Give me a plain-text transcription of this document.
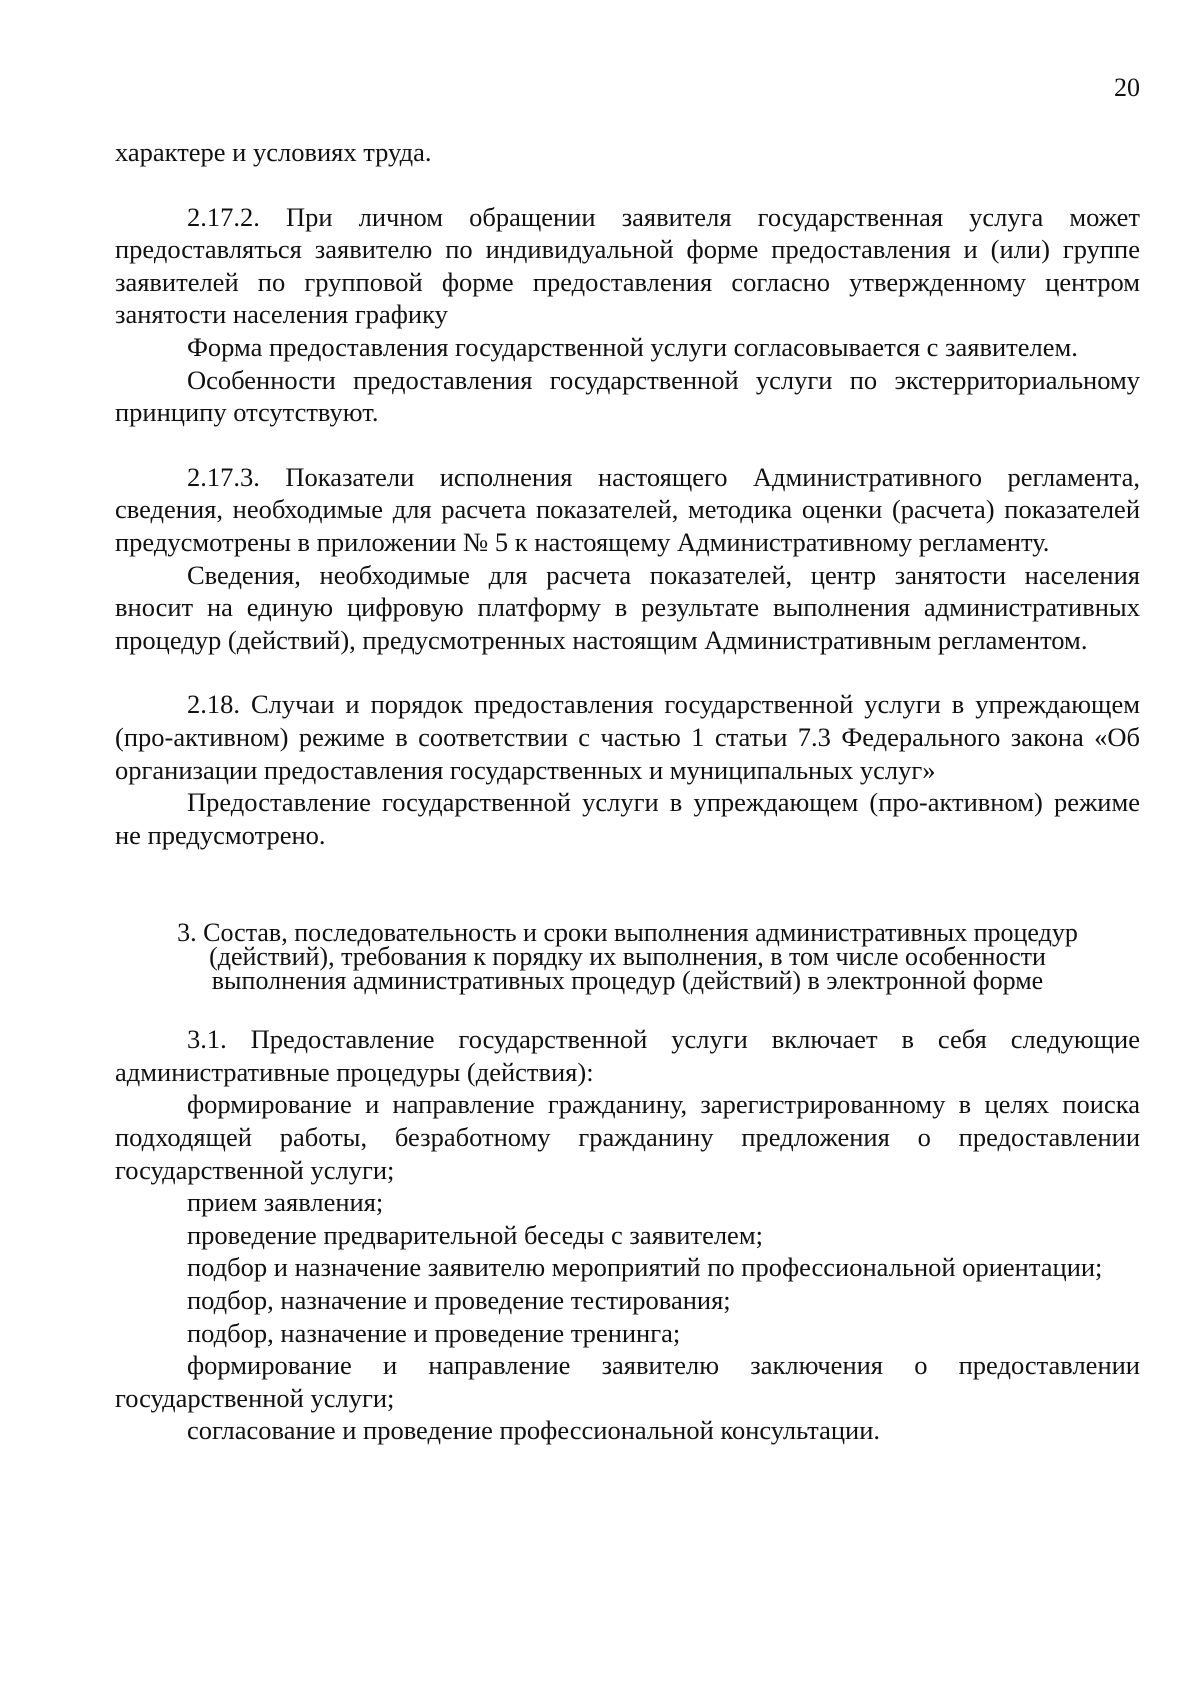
20

характере и условиях труда.

2.17.2. При личном обращении заявителя государственная услуга может предоставляться заявителю по индивидуальной форме предоставления и (или) группе заявителей по групповой форме предоставления согласно утвержденному центром занятости населения графику

Форма предоставления государственной услуги согласовывается с заявителем.

Особенности предоставления государственной услуги по экстерриториальному принципу отсутствуют.

2.17.3. Показатели исполнения настоящего Административного регламента, сведения, необходимые для расчета показателей, методика оценки (расчета) показателей предусмотрены в приложении № 5 к настоящему Административному регламенту.

Сведения, необходимые для расчета показателей, центр занятости населения вносит на единую цифровую платформу в результате выполнения административных процедур (действий), предусмотренных настоящим Административным регламентом.

2.18. Случаи и порядок предоставления государственной услуги в упреждающем (про-активном) режиме в соответствии с частью 1 статьи 7.3 Федерального закона «Об организации предоставления государственных и муниципальных услуг»

Предоставление государственной услуги в упреждающем (про-активном) режиме не предусмотрено.

3. Состав, последовательность и сроки выполнения административных процедур
(действий), требования к порядку их выполнения, в том числе особенности
выполнения административных процедур (действий) в электронной форме

3.1. Предоставление государственной услуги включает в себя следующие административные процедуры (действия):

формирование и направление гражданину, зарегистрированному в целях поиска подходящей работы, безработному гражданину предложения о предоставлении государственной услуги;

прием заявления;

проведение предварительной беседы с заявителем;

подбор и назначение заявителю мероприятий по профессиональной ориентации;

подбор, назначение и проведение тестирования;

подбор, назначение и проведение тренинга;

формирование и направление заявителю заключения о предоставлении государственной услуги;

согласование и проведение профессиональной консультации.
